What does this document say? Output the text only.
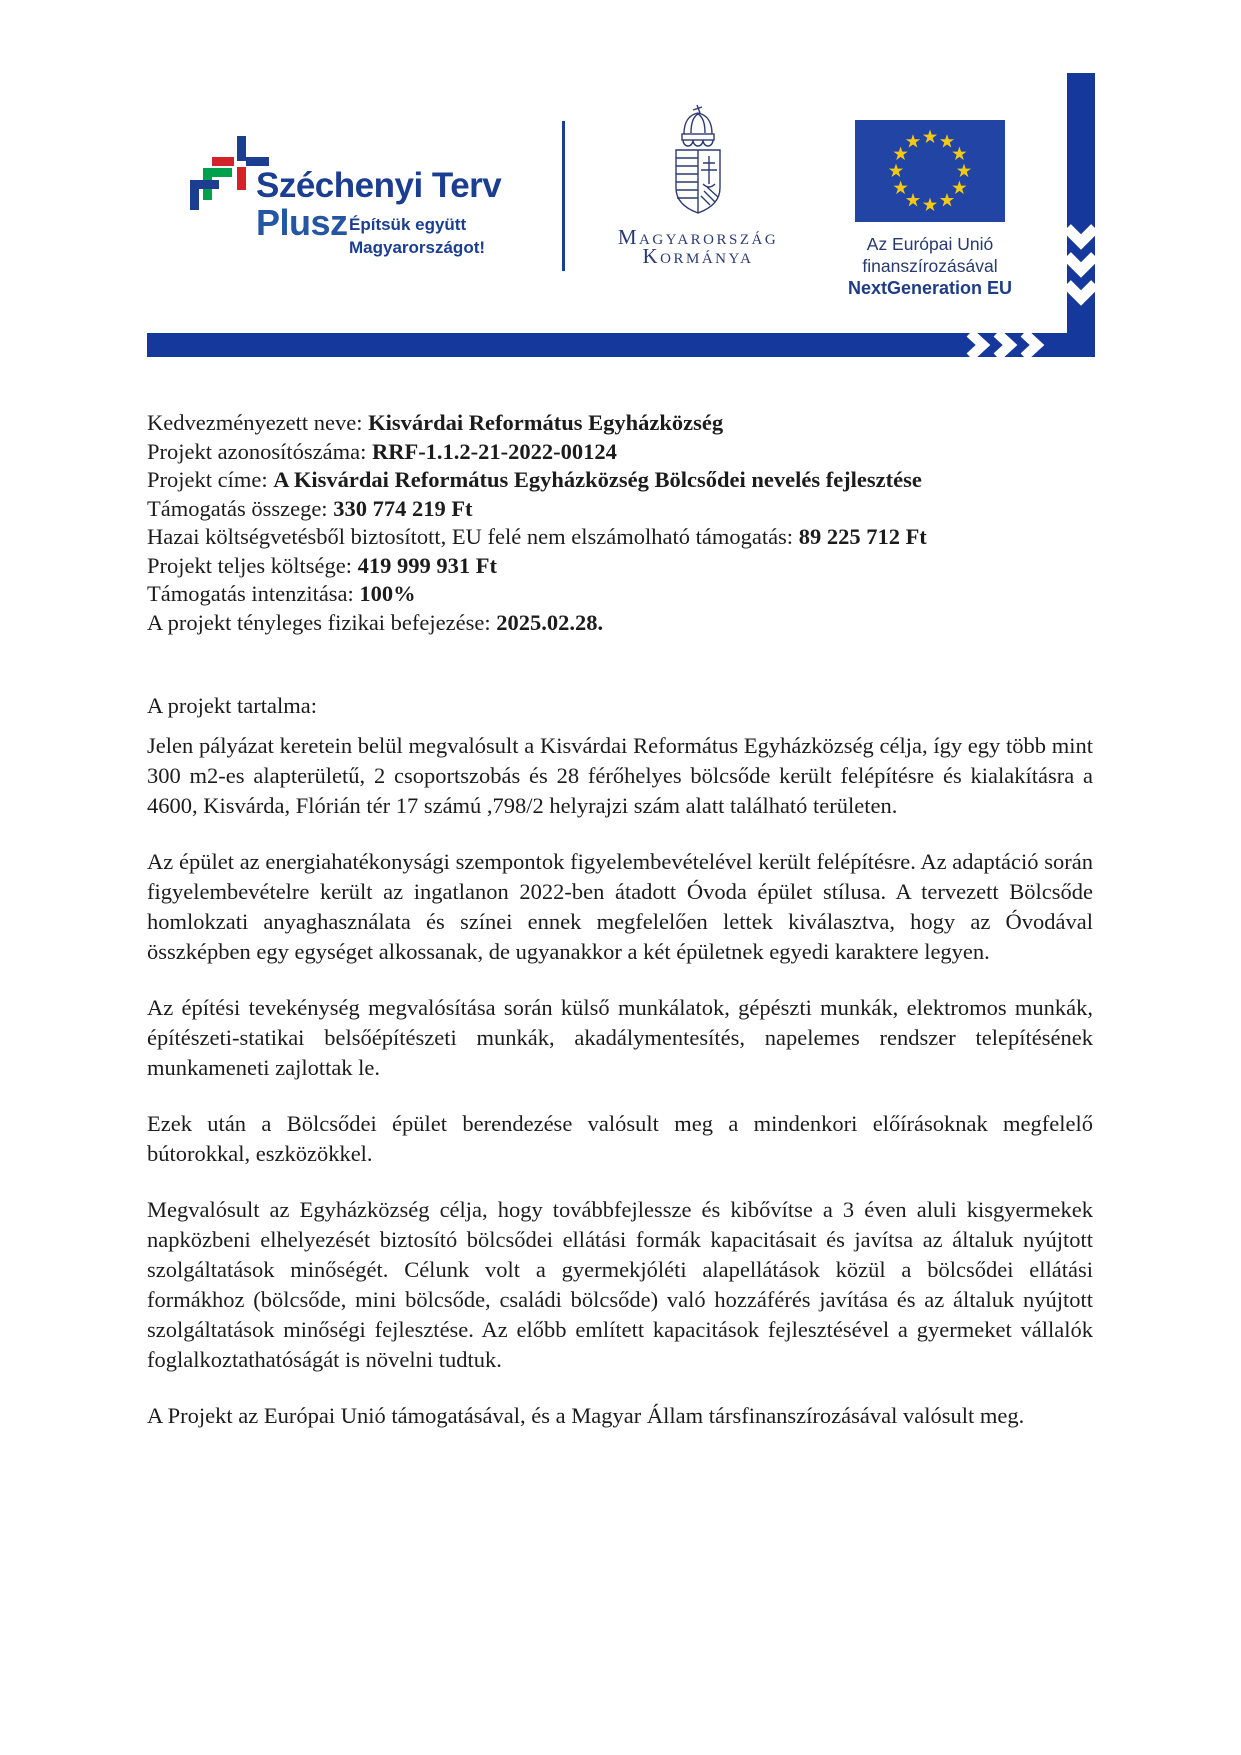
Széchenyi Terv
Plusz Építsük együtt
Magyarországot!	Magyarország
Kormánya	Az Európai Unió
finanszírozásával
NextGeneration EU
Kedvezményezett neve: Kisvárdai Református Egyházközség
Projekt azonosítószáma: RRF-1.1.2-21-2022-00124
Projekt címe: A Kisvárdai Református Egyházközség Bölcsődei nevelés fejlesztése
Támogatás összege: 330 774 219 Ft
Hazai költségvetésből biztosított, EU felé nem elszámolható támogatás: 89 225 712 Ft
Projekt teljes költsége: 419 999 931 Ft
Támogatás intenzitása: 100%
A projekt tényleges fizikai befejezése: 2025.02.28.
A projekt tartalma:

Jelen pályázat keretein belül megvalósult a Kisvárdai Református Egyházközség célja, így egy több mint 300 m2-es alapterületű, 2 csoportszobás és 28 férőhelyes bölcsőde került felépítésre és kialakításra a 4600, Kisvárda, Flórián tér 17 számú ,798/2 helyrajzi szám alatt található területen.

Az épület az energiahatékonysági szempontok figyelembevételével került felépítésre. Az adaptáció során figyelembevételre került az ingatlanon 2022-ben átadott Óvoda épület stílusa. A tervezett Bölcsőde homlokzati anyaghasználata és színei ennek megfelelően lettek kiválasztva, hogy az Óvodával összképben egy egységet alkossanak, de ugyanakkor a két épületnek egyedi karaktere legyen.

Az építési tevekénység megvalósítása során külső munkálatok, gépészti munkák, elektromos munkák, építészeti-statikai belsőépítészeti munkák, akadálymentesítés, napelemes rendszer telepítésének munkameneti zajlottak le.

Ezek után a Bölcsődei épület berendezése valósult meg a mindenkori előírásoknak megfelelő bútorokkal, eszközökkel.

Megvalósult az Egyházközség célja, hogy továbbfejlessze és kibővítse a 3 éven aluli kisgyermekek napközbeni elhelyezését biztosító bölcsődei ellátási formák kapacitásait és javítsa az általuk nyújtott szolgáltatások minőségét. Célunk volt a gyermekjóléti alapellátások közül a bölcsődei ellátási formákhoz (bölcsőde, mini bölcsőde, családi bölcsőde) való hozzáférés javítása és az általuk nyújtott szolgáltatások minőségi fejlesztése. Az előbb említett kapacitások fejlesztésével a gyermeket vállalók foglalkoztathatóságát is növelni tudtuk.

A Projekt az Európai Unió támogatásával, és a Magyar Állam társfinanszírozásával valósult meg.
